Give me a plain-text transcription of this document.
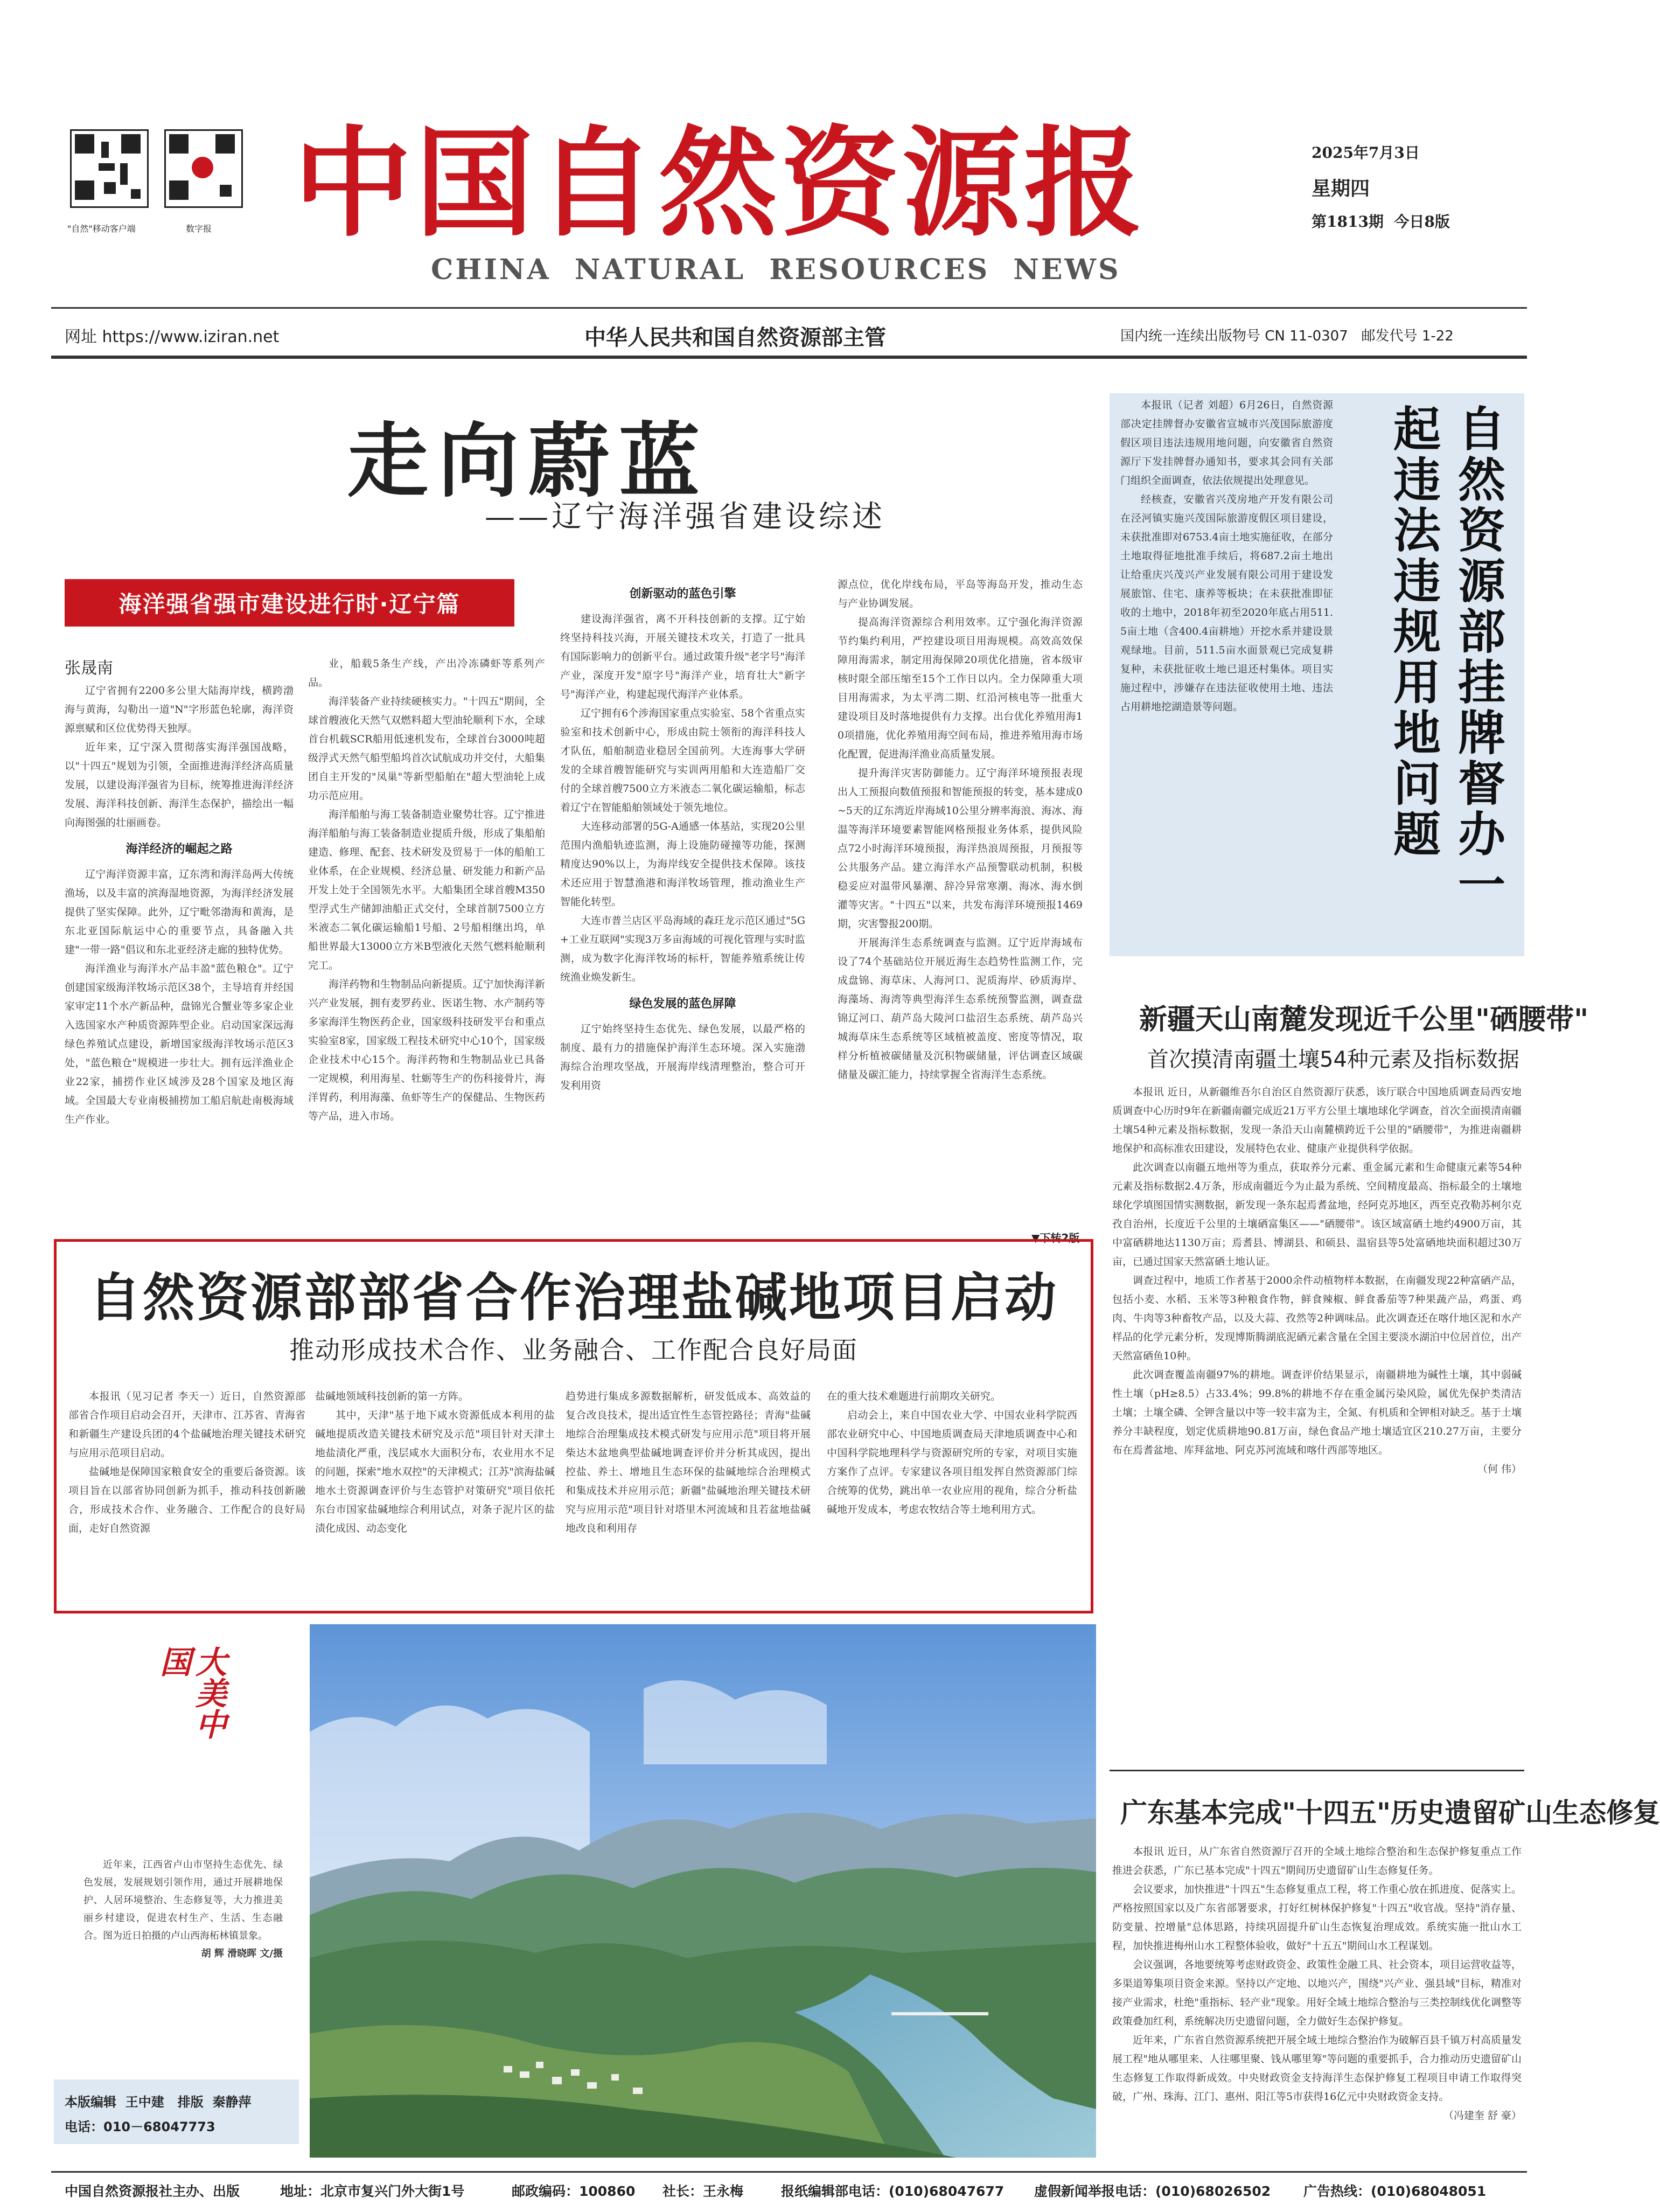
"自然"移动客户端	数字报 中国自然资源报
CHINA  NATURAL  RESOURCES  NEWS
2025年7月3日
星期四
第1813期  今日8版
网址 https://www.iziran.net	中华人民共和国自然资源部主管	国内统一连续出版物号 CN 11-0307   邮发代号 1-22
走向蔚蓝
——辽宁海洋强省建设综述
海洋强省强市建设进行时·辽宁篇
张晟南

辽宁省拥有2200多公里大陆海岸线，横跨渤海与黄海，勾勒出一道"N"字形蓝色轮廓，海洋资源禀赋和区位优势得天独厚。

近年来，辽宁深入贯彻落实海洋强国战略，以"十四五"规划为引领，全面推进海洋经济高质量发展，以建设海洋强省为目标，统筹推进海洋经济发展、海洋科技创新、海洋生态保护，描绘出一幅向海图强的壮丽画卷。

海洋经济的崛起之路

辽宁海洋资源丰富，辽东湾和海洋岛两大传统渔场，以及丰富的滨海湿地资源，为海洋经济发展提供了坚实保障。此外，辽宁毗邻渤海和黄海，是东北亚国际航运中心的重要节点，具备融入共建"一带一路"倡议和东北亚经济走廊的独特优势。

海洋渔业与海洋水产品丰盈"蓝色粮仓"。辽宁创建国家级海洋牧场示范区38个，主导培育并经国家审定11个水产新品种，盘锦光合蟹业等多家企业入选国家水产种质资源阵型企业。启动国家深远海绿色养殖试点建设，新增国家级海洋牧场示范区3处，"蓝色粮仓"规模进一步壮大。拥有远洋渔业企业22家，捕捞作业区域涉及28个国家及地区海域。全国最大专业南极捕捞加工船启航赴南极海域生产作业。

业，船载5条生产线，产出冷冻磷虾等系列产品。

海洋装备产业持续硬核实力。"十四五"期间，全球首艘液化天然气双燃料超大型油轮顺利下水，全球首台机载SCR船用低速机发布，全球首台3000吨超级浮式天然气船型船坞首次试航成功并交付，大船集团自主开发的"凤巢"等新型船舶在"超大型油轮上成功示范应用。

海洋船舶与海工装备制造业聚势壮容。辽宁推进海洋船舶与海工装备制造业提质升级，形成了集船舶建造、修理、配套、技术研发及贸易于一体的船舶工业体系，在企业规模、经济总量、研发能力和新产品开发上处于全国领先水平。大船集团全球首艘M350型浮式生产储卸油船正式交付，全球首制7500立方米液态二氧化碳运输船1号船、2号船相继出坞，单船世界最大13000立方米B型液化天然气燃料舱顺利完工。

海洋药物和生物制品向新提质。辽宁加快海洋新兴产业发展，拥有麦罗药业、医诺生物、水产制药等多家海洋生物医药企业，国家级科技研发平台和重点实验室8家，国家级工程技术研究中心10个，国家级企业技术中心15个。海洋药物和生物制品业已具备一定规模，利用海星、牡蛎等生产的伤科接骨片，海洋胃药，利用海藻、鱼虾等生产的保健品、生物医药等产品，进入市场。

创新驱动的蓝色引擎

建设海洋强省，离不开科技创新的支撑。辽宁始终坚持科技兴海，开展关键技术攻关，打造了一批具有国际影响力的创新平台。通过政策升级"老字号"海洋产业，深度开发"原字号"海洋产业，培育壮大"新字号"海洋产业，构建起现代海洋产业体系。

辽宁拥有6个涉海国家重点实验室、58个省重点实验室和技术创新中心，形成由院士领衔的海洋科技人才队伍，船舶制造业稳居全国前列。大连海事大学研发的全球首艘智能研究与实训两用船和大连造船厂交付的全球首艘7500立方米液态二氧化碳运输船，标志着辽宁在智能船舶领域处于领先地位。

大连移动部署的5G-A通感一体基站，实现20公里范围内渔船轨迹监测，海上设施防碰撞等功能，探测精度达90%以上，为海岸线安全提供技术保障。该技术还应用于智慧渔港和海洋牧场管理，推动渔业生产智能化转型。

大连市普兰店区平岛海域的森玨龙示范区通过"5G+工业互联网"实现3万多亩海域的可视化管理与实时监测，成为数字化海洋牧场的标杆，智能养殖系统让传统渔业焕发新生。

绿色发展的蓝色屏障

辽宁始终坚持生态优先、绿色发展，以最严格的制度、最有力的措施保护海洋生态环境。深入实施渤海综合治理攻坚战，开展海岸线清理整治，整合可开发利用资

源点位，优化岸线布局，平岛等海岛开发，推动生态与产业协调发展。

提高海洋资源综合利用效率。辽宁强化海洋资源节约集约利用，严控建设项目用海规模。高效高效保障用海需求，制定用海保障20项优化措施，省本级审核时限全部压缩至15个工作日以内。全力保障重大项目用海需求，为太平湾二期、红沿河核电等一批重大建设项目及时落地提供有力支撑。出台优化养殖用海10项措施，优化养殖用海空间布局，推进养殖用海市场化配置，促进海洋渔业高质量发展。

提升海洋灾害防御能力。辽宁海洋环境预报表现出人工预报向数值预报和智能预报的转变，基本建成0~5天的辽东湾近岸海域10公里分辨率海浪、海冰、海温等海洋环境要素智能网格预报业务体系，提供风险点72小时海洋环境预报，海洋热浪周预报，月预报等公共服务产品。建立海洋水产品预警联动机制，积极稳妥应对温带风暴潮、辞冷异常寒潮、海冰、海水倒灌等灾害。"十四五"以来，共发布海洋环境预报1469期，灾害警报200期。

开展海洋生态系统调查与监测。辽宁近岸海域布设了74个基础站位开展近海生态趋势性监测工作，完成盘锦、海草床、人海河口、泥质海岸、砂质海岸、海藻场、海湾等典型海洋生态系统预警监测，调查盘锦辽河口、葫芦岛大陵河口盐沼生态系统、葫芦岛兴城海草床生态系统等区域植被盖度、密度等情况，取样分析植被碳储量及沉积物碳储量，评估调查区域碳储量及碳汇能力，持续掌握全省海洋生态系统。

▼下转2版

本报讯（记者 刘超）6月26日，自然资源部决定挂牌督办安徽省宣城市兴茂国际旅游度假区项目违法违规用地问题，向安徽省自然资源厅下发挂牌督办通知书，要求其会同有关部门组织全面调查，依法依规提出处理意见。

经核查，安徽省兴茂房地产开发有限公司在泾河镇实施兴茂国际旅游度假区项目建设，未获批准即对6753.4亩土地实施征收，在部分土地取得征地批准手续后，将687.2亩土地出让给重庆兴茂兴产业发展有限公司用于建设发展旅馆、住宅、康养等板块；在未获批准即征收的土地中，2018年初至2020年底占用511.5亩土地（含400.4亩耕地）开挖水系并建设景观绿地。目前，511.5亩水面景观已完成复耕复种，未获批征收土地已退还村集体。项目实施过程中，涉嫌存在违法征收使用土地、违法占用耕地挖湖造景等问题。	自然资源部挂牌督办一起违法违规用地问题
新疆天山南麓发现近千公里"硒腰带"
首次摸清南疆土壤54种元素及指标数据

本报讯 近日，从新疆维吾尔自治区自然资源厅获悉，该厅联合中国地质调查局西安地质调查中心历时9年在新疆南疆完成近21万平方公里土壤地球化学调查，首次全面摸清南疆土壤54种元素及指标数据，发现一条沿天山南麓横跨近千公里的"硒腰带"，为推进南疆耕地保护和高标准农田建设，发展特色农业、健康产业提供科学依据。

此次调查以南疆五地州等为重点，获取养分元素、重金属元素和生命健康元素等54种元素及指标数据2.4万条，形成南疆近今为止最为系统、空间精度最高、指标最全的土壤地球化学填图国情实测数据，新发现一条东起焉耆盆地，经阿克苏地区，西至克孜勒苏柯尔克孜自治州，长度近千公里的土壤硒富集区——"硒腰带"。该区域富硒土地约4900万亩，其中富硒耕地达1130万亩；焉耆县、博湖县、和硕县、温宿县等5处富硒地块面积超过30万亩，已通过国家天然富硒土地认证。

调查过程中，地质工作者基于2000余件动植物样本数据，在南疆发现22种富硒产品，包括小麦、水稻、玉米等3种粮食作物，鲜食辣椒、鲜食番茄等7种果蔬产品，鸡蛋、鸡肉、牛肉等3种畜牧产品，以及大蒜、孜然等2种调味品。此次调查还在喀什地区泥和水产样品的化学元素分析，发现博斯腾湖底泥硒元素含量在全国主要淡水湖泊中位居首位，出产天然富硒鱼10种。

此次调查覆盖南疆97%的耕地。调查评价结果显示，南疆耕地为碱性土壤，其中弱碱性土壤（pH≥8.5）占33.4%；99.8%的耕地不存在重金属污染风险，属优先保护类清洁土壤；土壤全磷、全钾含量以中等一较丰富为主，全氮、有机质和全钾相对缺乏。基于土壤养分丰缺程度，划定优质耕地90.81万亩，绿色食品产地土壤适宜区210.27万亩，主要分布在焉耆盆地、库拜盆地、阿克苏河流域和喀什西部等地区。

（何 伟）
广东基本完成"十四五"历史遗留矿山生态修复

本报讯 近日，从广东省自然资源厅召开的全域土地综合整治和生态保护修复重点工作推进会获悉，广东已基本完成"十四五"期间历史遗留矿山生态修复任务。

会议要求，加快推进"十四五"生态修复重点工程，将工作重心放在抓进度、促落实上。严格按照国家以及广东省部署要求，打好红树林保护修复"十四五"收官战。坚持"消存量、防变量、控增量"总体思路，持续巩固提升矿山生态恢复治理成效。系统实施一批山水工程，加快推进梅州山水工程整体验收，做好"十五五"期间山水工程谋划。

会议强调，各地要统筹考虑财政资金、政策性金融工具、社会资本，项目运营收益等，多渠道筹集项目资金来源。坚持以产定地、以地兴产，围绕"兴产业、强县域"目标，精准对接产业需求，杜绝"重指标、轻产业"现象。用好全域土地综合整治与三类控制线优化调整等政策叠加红利，系统解决历史遗留问题，全力做好生态保护修复。

近年来，广东省自然资源系统把开展全域土地综合整治作为破解百县千镇万村高质量发展工程"地从哪里来、人往哪里聚、钱从哪里筹"等问题的重要抓手，合力推动历史遗留矿山生态修复工作取得新成效。中央财政资金支持海洋生态保护修复工程项目申请工作取得突破，广州、珠海、江门、惠州、阳江等5市获得16亿元中央财政资金支持。

（冯建奎 舒 豪）
自然资源部部省合作治理盐碱地项目启动
推动形成技术合作、业务融合、工作配合良好局面

本报讯（见习记者 李天一）近日，自然资源部部省合作项目启动会召开，天津市、江苏省、青海省和新疆生产建设兵团的4个盐碱地治理关键技术研究与应用示范项目启动。

盐碱地是保障国家粮食安全的重要后备资源。该项目旨在以部省协同创新为抓手，推动科技创新融合，形成技术合作、业务融合、工作配合的良好局面，走好自然资源

盐碱地领域科技创新的第一方阵。

其中，天津"基于地下咸水资源低成本利用的盐碱地提质改造关键技术研究及示范"项目针对天津土地盐渍化严重，浅层咸水大面积分布，农业用水不足的问题，探索"地水双控"的天津模式；江苏"滨海盐碱地水土资源调查评价与生态管护对策研究"项目依托东台市国家盐碱地综合利用试点，对条子泥片区的盐渍化成因、动态变化

趋势进行集成多源数据解析，研发低成本、高效益的复合改良技术，提出适宜性生态管控路径；青海"盐碱地综合治理集成技术模式研发与应用示范"项目将开展柴达木盆地典型盐碱地调查评价并分析其成因，提出控盐、养土、增地且生态环保的盐碱地综合治理模式和集成技术并应用示范；新疆"盐碱地治理关键技术研究与应用示范"项目针对塔里木河流域和且若盆地盐碱地改良和利用存

在的重大技术难题进行前期攻关研究。

启动会上，来自中国农业大学、中国农业科学院西部农业研究中心、中国地质调查局天津地质调查中心和中国科学院地理科学与资源研究所的专家，对项目实施方案作了点评。专家建议各项目组发挥自然资源部门综合统筹的优势，跳出单一农业应用的视角，综合分析盐碱地开发成本，考虑农牧结合等土地利用方式。

大美中国

近年来，江西省卢山市坚持生态优先、绿色发展，发展规划引领作用，通过开展耕地保护、人居环境整治、生态修复等，大力推进美丽乡村建设，促进农村生产、生活、生态融合。图为近日拍摄的卢山西海柘林镇景象。

胡 辉 滑晓晖 文/摄
本版编辑  王中建   排版  秦静萍
电话：010－68047773
中国自然资源报社主办、出版	地址：北京市复兴门外大街1号	邮政编码：100860 社长：王永梅	报纸编辑部电话：(010)68047677 虚假新闻举报电话：(010)68026502 广告热线：(010)68048051
